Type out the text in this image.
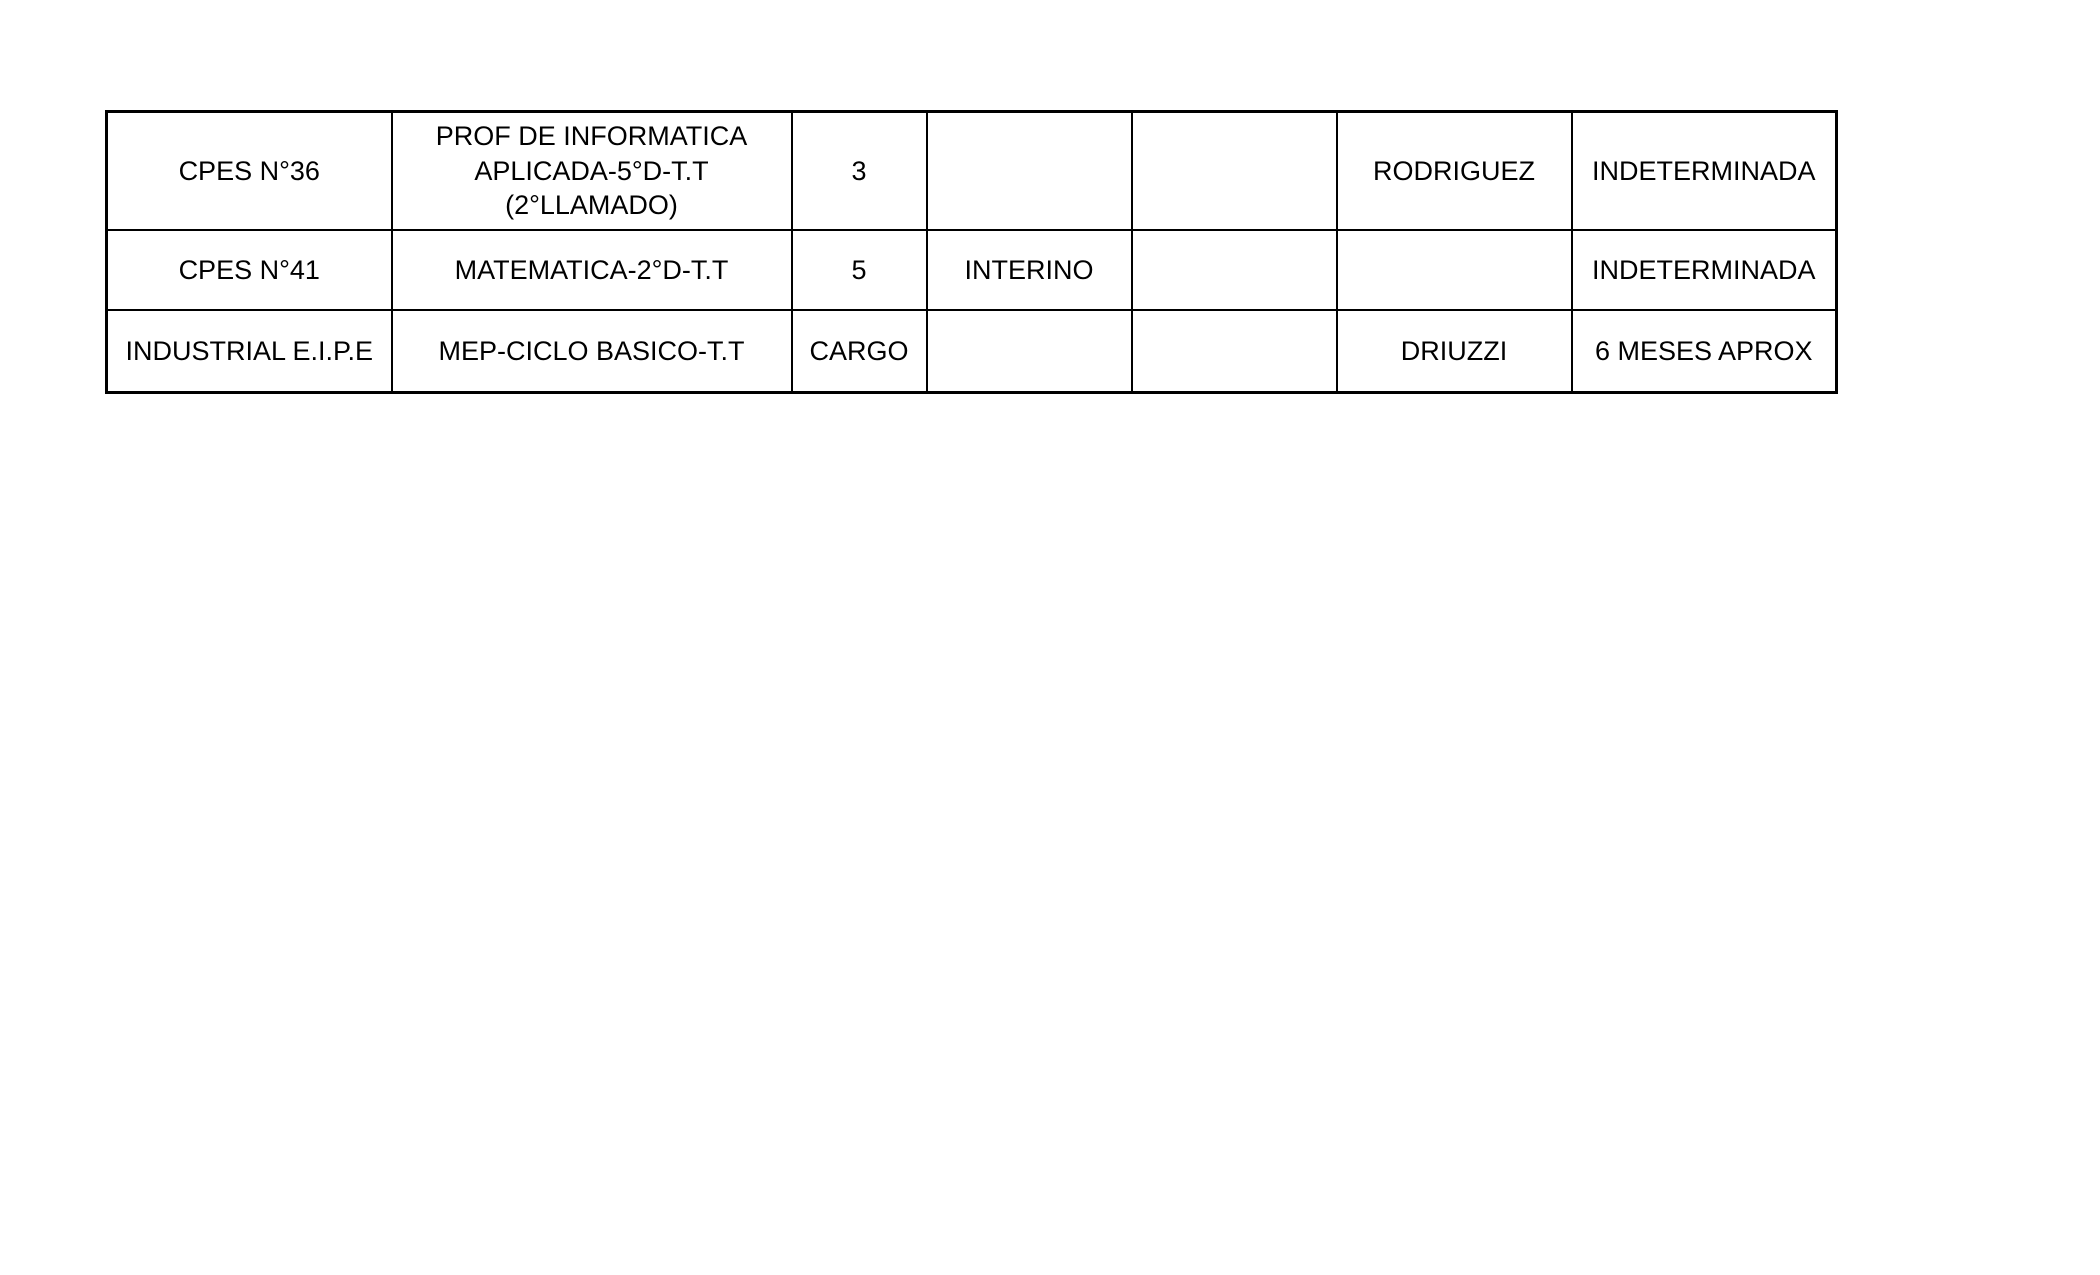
CPES N°36	PROF DE INFORMATICA APLICADA-5°D-T.T (2°LLAMADO)	3			RODRIGUEZ	INDETERMINADA
CPES N°41	MATEMATICA-2°D-T.T	5	INTERINO			INDETERMINADA
INDUSTRIAL E.I.P.E	MEP-CICLO BASICO-T.T	CARGO			DRIUZZI	6 MESES APROX
